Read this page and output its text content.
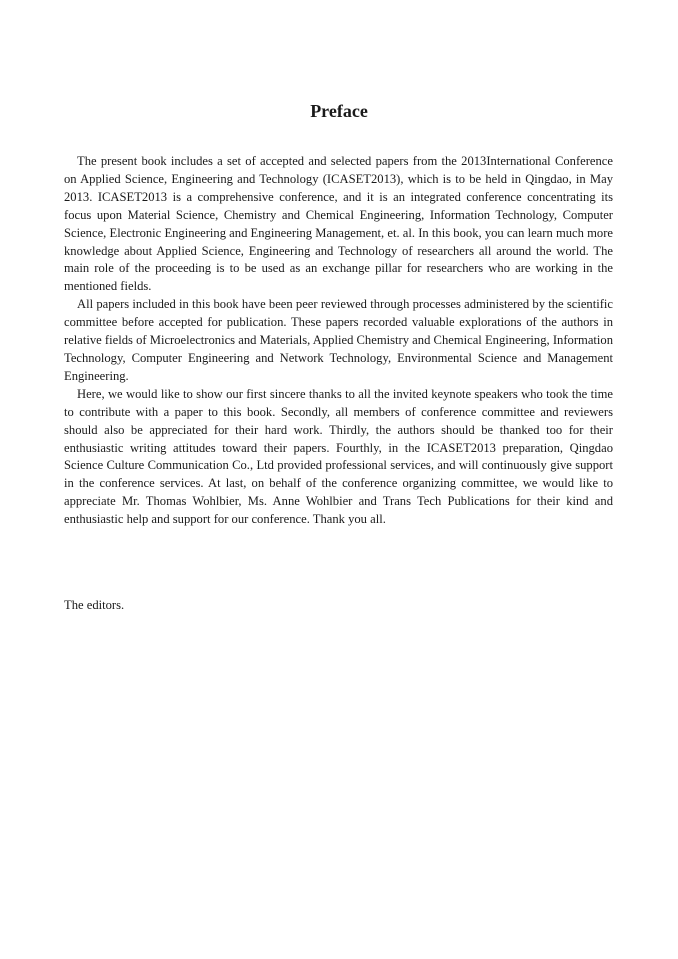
Preface

The present book includes a set of accepted and selected papers from the 2013International Conference on Applied Science, Engineering and Technology (ICASET2013), which is to be held in Qingdao, in May 2013. ICASET2013 is a comprehensive conference, and it is an integrated conference concentrating its focus upon Material Science, Chemistry and Chemical Engineering, Information Technology, Computer Science, Electronic Engineering and Engineering Management, et. al. In this book, you can learn much more knowledge about Applied Science, Engineering and Technology of researchers all around the world. The main role of the proceeding is to be used as an exchange pillar for researchers who are working in the mentioned fields.

All papers included in this book have been peer reviewed through processes administered by the scientific committee before accepted for publication. These papers recorded valuable explorations of the authors in relative fields of Microelectronics and Materials, Applied Chemistry and Chemical Engineering, Information Technology, Computer Engineering and Network Technology, Environmental Science and Management Engineering.

Here, we would like to show our first sincere thanks to all the invited keynote speakers who took the time to contribute with a paper to this book. Secondly, all members of conference committee and reviewers should also be appreciated for their hard work. Thirdly, the authors should be thanked too for their enthusiastic writing attitudes toward their papers. Fourthly, in the ICASET2013 preparation, Qingdao Science Culture Communication Co., Ltd provided professional services, and will continuously give support in the conference services. At last, on behalf of the conference organizing committee, we would like to appreciate Mr. Thomas Wohlbier, Ms. Anne Wohlbier and Trans Tech Publications for their kind and enthusiastic help and support for our conference. Thank you all.

The editors.
